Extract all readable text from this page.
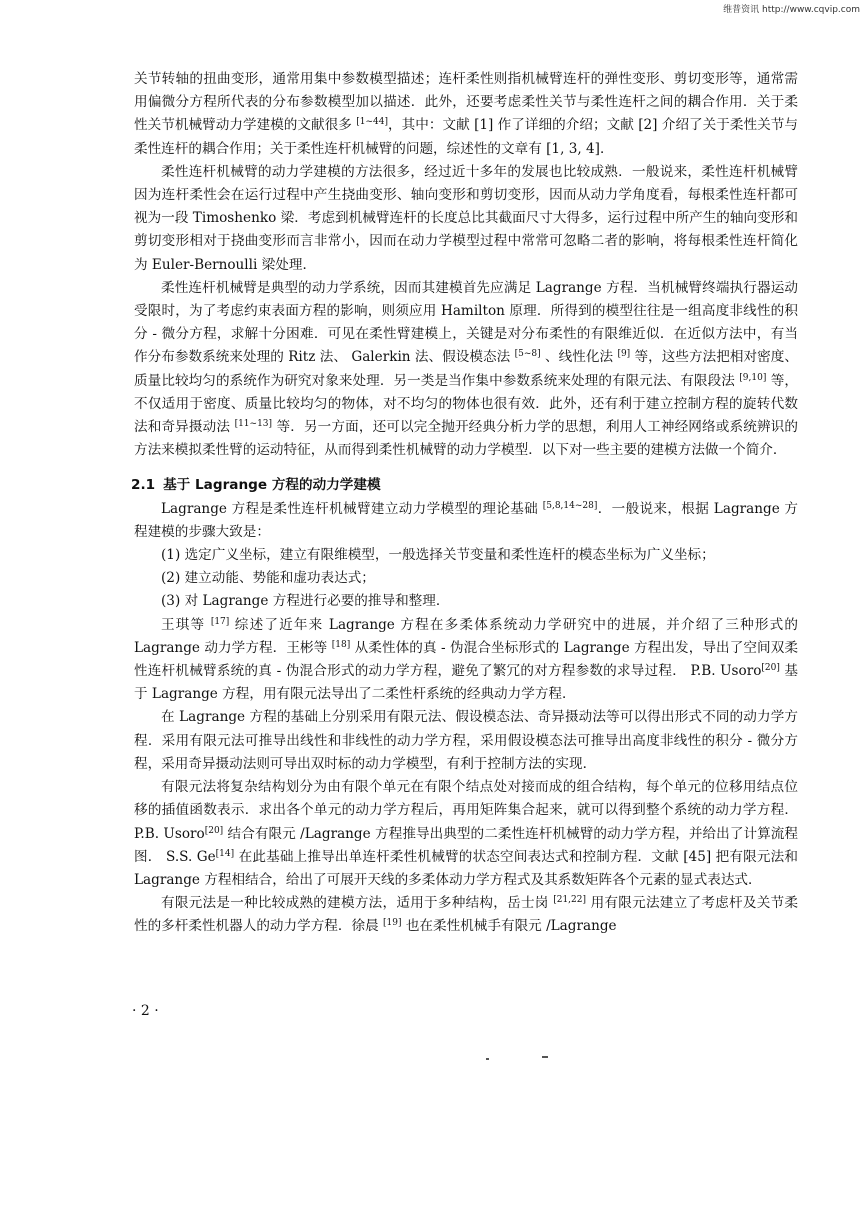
维普资讯 http://www.cqvip.com

关节转轴的扭曲变形，通常用集中参数模型描述；连杆柔性则指机械臂连杆的弹性变形、剪切变形等，通常需用偏微分方程所代表的分布参数模型加以描述．此外，还要考虑柔性关节与柔性连杆之间的耦合作用．关于柔性关节机械臂动力学建模的文献很多 [1~44]，其中：文献 [1] 作了详细的介绍；文献 [2] 介绍了关于柔性关节与柔性连杆的耦合作用；关于柔性连杆机械臂的问题，综述性的文章有 [1, 3, 4]．

柔性连杆机械臂的动力学建模的方法很多，经过近十多年的发展也比较成熟．一般说来，柔性连杆机械臂因为连杆柔性会在运行过程中产生挠曲变形、轴向变形和剪切变形，因而从动力学角度看，每根柔性连杆都可视为一段 Timoshenko 梁．考虑到机械臂连杆的长度总比其截面尺寸大得多，运行过程中所产生的轴向变形和剪切变形相对于挠曲变形而言非常小，因而在动力学模型过程中常常可忽略二者的影响，将每根柔性连杆简化为 Euler-Bernoulli 梁处理．

柔性连杆机械臂是典型的动力学系统，因而其建模首先应满足 Lagrange 方程．当机械臂终端执行器运动受限时，为了考虑约束表面方程的影响，则须应用 Hamilton 原理．所得到的模型往往是一组高度非线性的积分 - 微分方程，求解十分困难．可见在柔性臂建模上，关键是对分布柔性的有限维近似．在近似方法中，有当作分布参数系统来处理的 Ritz 法、 Galerkin 法、假设模态法 [5~8] 、线性化法 [9] 等，这些方法把相对密度、质量比较均匀的系统作为研究对象来处理．另一类是当作集中参数系统来处理的有限元法、有限段法 [9,10] 等，不仅适用于密度、质量比较均匀的物体，对不均匀的物体也很有效．此外，还有利于建立控制方程的旋转代数法和奇异摄动法 [11~13] 等．另一方面，还可以完全抛开经典分析力学的思想，利用人工神经网络或系统辨识的方法来模拟柔性臂的运动特征，从而得到柔性机械臂的动力学模型．以下对一些主要的建模方法做一个简介．

2.1 基于 Lagrange 方程的动力学建模

Lagrange 方程是柔性连杆机械臂建立动力学模型的理论基础 [5,8,14~28]．一般说来，根据 Lagrange 方程建模的步骤大致是：

(1) 选定广义坐标，建立有限维模型，一般选择关节变量和柔性连杆的模态坐标为广义坐标；

(2) 建立动能、势能和虚功表达式；

(3) 对 Lagrange 方程进行必要的推导和整理．

王琪等 [17] 综述了近年来 Lagrange 方程在多柔体系统动力学研究中的进展，并介绍了三种形式的 Lagrange 动力学方程．王彬等 [18] 从柔性体的真 - 伪混合坐标形式的 Lagrange 方程出发，导出了空间双柔性连杆机械臂系统的真 - 伪混合形式的动力学方程，避免了繁冗的对方程参数的求导过程． P.B. Usoro[20] 基于 Lagrange 方程，用有限元法导出了二柔性杆系统的经典动力学方程．

在 Lagrange 方程的基础上分别采用有限元法、假设模态法、奇异摄动法等可以得出形式不同的动力学方程．采用有限元法可推导出线性和非线性的动力学方程，采用假设模态法可推导出高度非线性的积分 - 微分方程，采用奇异摄动法则可导出双时标的动力学模型，有利于控制方法的实现．

有限元法将复杂结构划分为由有限个单元在有限个结点处对接而成的组合结构，每个单元的位移用结点位移的插值函数表示．求出各个单元的动力学方程后，再用矩阵集合起来，就可以得到整个系统的动力学方程． P.B. Usoro[20] 结合有限元 /Lagrange 方程推导出典型的二柔性连杆机械臂的动力学方程，并给出了计算流程图． S.S. Ge[14] 在此基础上推导出单连杆柔性机械臂的状态空间表达式和控制方程．文献 [45] 把有限元法和 Lagrange 方程相结合，给出了可展开天线的多柔体动力学方程式及其系数矩阵各个元素的显式表达式．

有限元法是一种比较成熟的建模方法，适用于多种结构，岳士岗 [21,22] 用有限元法建立了考虑杆及关节柔性的多杆柔性机器人的动力学方程．徐晨 [19] 也在柔性机械手有限元 /Lagrange

· 2 ·
